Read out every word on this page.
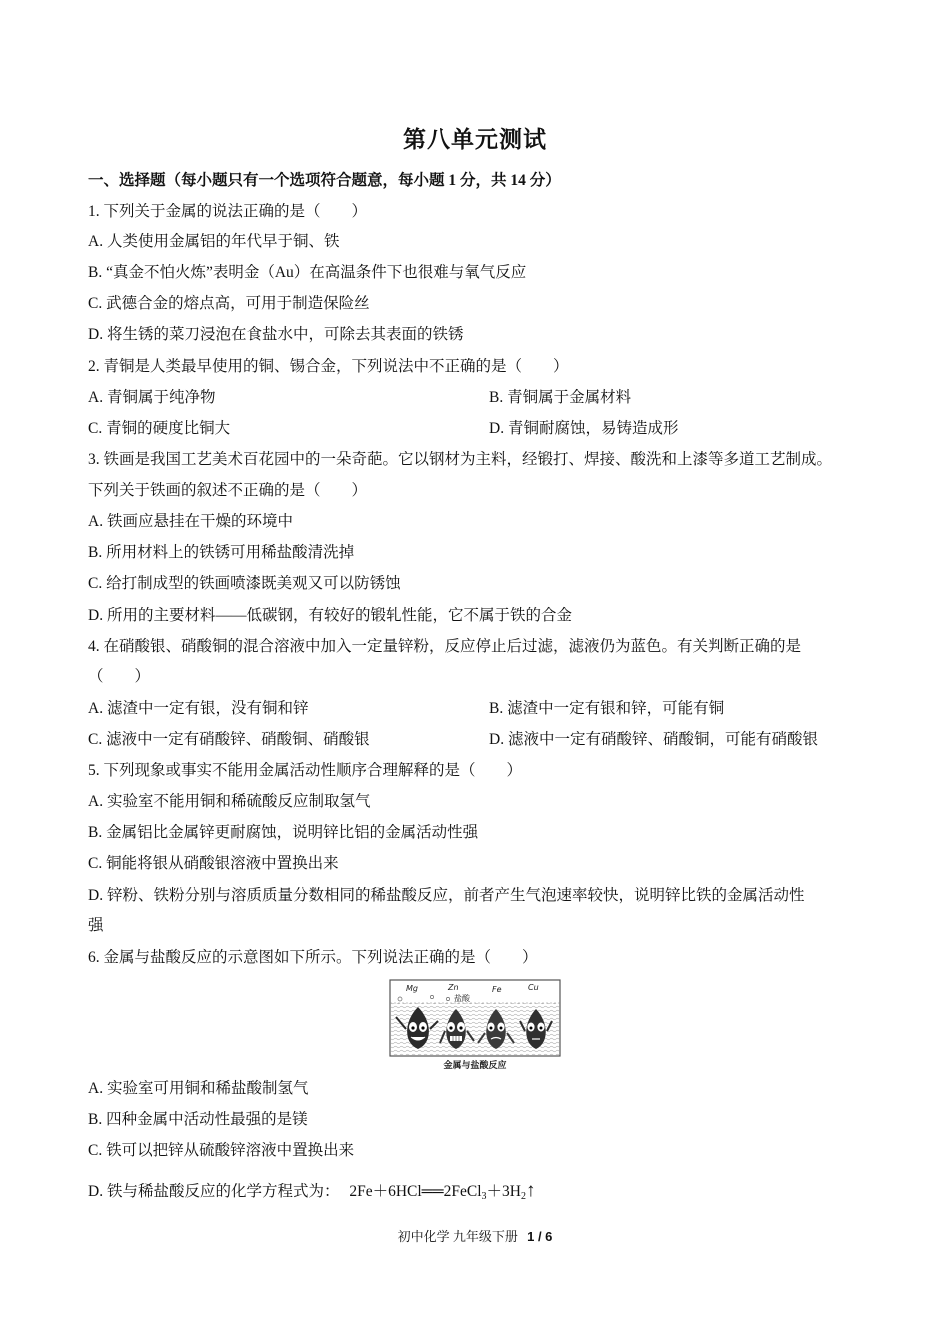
第八单元测试
一、选择题（每小题只有一个选项符合题意，每小题 1 分，共 14 分）
1. 下列关于金属的说法正确的是（　　）
A. 人类使用金属铝的年代早于铜、铁
B. “真金不怕火炼”表明金（Au）在高温条件下也很难与氧气反应
C. 武德合金的熔点高，可用于制造保险丝
D. 将生锈的菜刀浸泡在食盐水中，可除去其表面的铁锈
2. 青铜是人类最早使用的铜、锡合金，下列说法中不正确的是（　　）
A. 青铜属于纯净物	B. 青铜属于金属材料
C. 青铜的硬度比铜大	D. 青铜耐腐蚀，易铸造成形
3. 铁画是我国工艺美术百花园中的一朵奇葩。它以钢材为主料，经锻打、焊接、酸洗和上漆等多道工艺制成。
下列关于铁画的叙述不正确的是（　　）
A. 铁画应悬挂在干燥的环境中
B. 所用材料上的铁锈可用稀盐酸清洗掉
C. 给打制成型的铁画喷漆既美观又可以防锈蚀
D. 所用的主要材料——低碳钢，有较好的锻轧性能，它不属于铁的合金
4. 在硝酸银、硝酸铜的混合溶液中加入一定量锌粉，反应停止后过滤，滤液仍为蓝色。有关判断正确的是
（　　）
A. 滤渣中一定有银，没有铜和锌	B. 滤渣中一定有银和锌，可能有铜
C. 滤液中一定有硝酸锌、硝酸铜、硝酸银	D. 滤液中一定有硝酸锌、硝酸铜，可能有硝酸银
5. 下列现象或事实不能用金属活动性顺序合理解释的是（　　）
A. 实验室不能用铜和稀硫酸反应制取氢气
B. 金属铝比金属锌更耐腐蚀，说明锌比铝的金属活动性强
C. 铜能将银从硝酸银溶液中置换出来
D. 锌粉、铁粉分别与溶质质量分数相同的稀盐酸反应，前者产生气泡速率较快，说明锌比铁的金属活动性
强
6. 金属与盐酸反应的示意图如下所示。下列说法正确的是（　　）
Mg	Zn
盐酸
Fe	Cu
金属与盐酸反应
A. 实验室可用铜和稀盐酸制氢气
B. 四种金属中活动性最强的是镁
C. 铁可以把锌从硫酸锌溶液中置换出来
D. 铁与稀盐酸反应的化学方程式为： $2Fe+6HCl══2FeCl_3+3H_2↑$
初中化学 九年级下册 1 / 6
